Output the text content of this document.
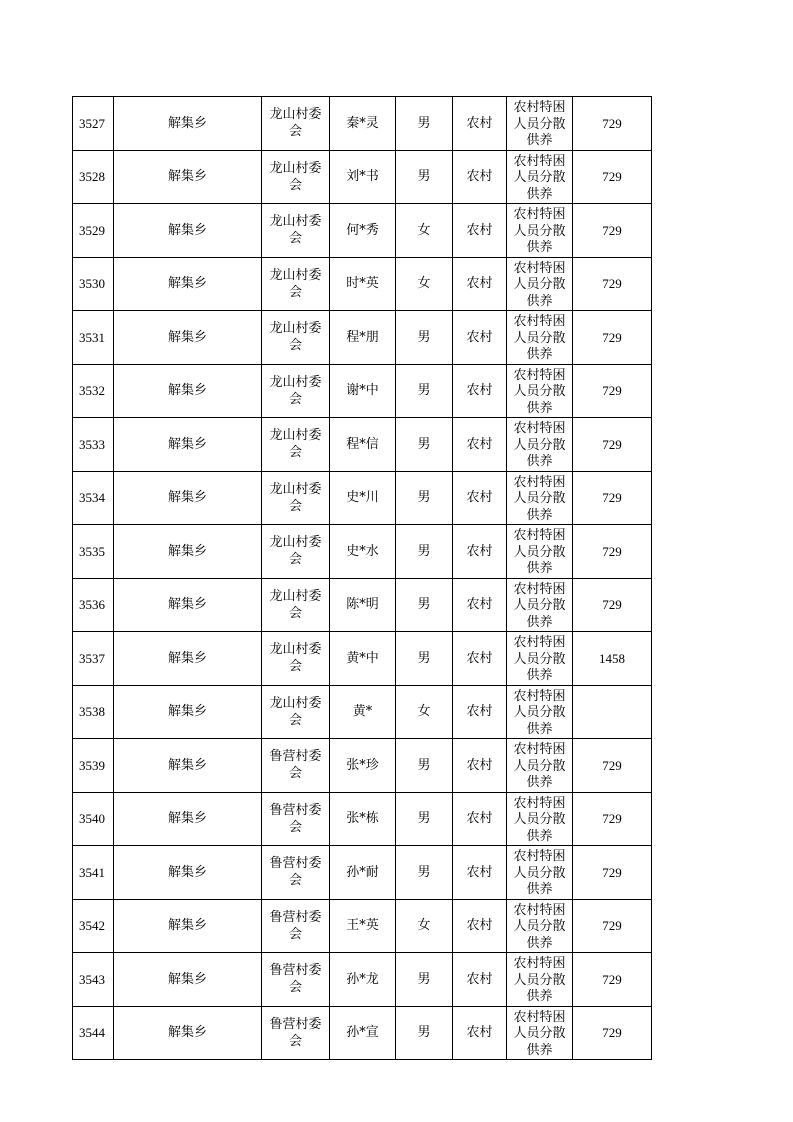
3527	解集乡	龙山村委会	秦*灵	男	农村	农村特困人员分散供养	729
3528	解集乡	龙山村委会	刘*书	男	农村	农村特困人员分散供养	729
3529	解集乡	龙山村委会	何*秀	女	农村	农村特困人员分散供养	729
3530	解集乡	龙山村委会	时*英	女	农村	农村特困人员分散供养	729
3531	解集乡	龙山村委会	程*朋	男	农村	农村特困人员分散供养	729
3532	解集乡	龙山村委会	谢*中	男	农村	农村特困人员分散供养	729
3533	解集乡	龙山村委会	程*信	男	农村	农村特困人员分散供养	729
3534	解集乡	龙山村委会	史*川	男	农村	农村特困人员分散供养	729
3535	解集乡	龙山村委会	史*水	男	农村	农村特困人员分散供养	729
3536	解集乡	龙山村委会	陈*明	男	农村	农村特困人员分散供养	729
3537	解集乡	龙山村委会	黄*中	男	农村	农村特困人员分散供养	1458
3538	解集乡	龙山村委会	黄*	女	农村	农村特困人员分散供养	
3539	解集乡	鲁营村委会	张*珍	男	农村	农村特困人员分散供养	729
3540	解集乡	鲁营村委会	张*栋	男	农村	农村特困人员分散供养	729
3541	解集乡	鲁营村委会	孙*耐	男	农村	农村特困人员分散供养	729
3542	解集乡	鲁营村委会	王*英	女	农村	农村特困人员分散供养	729
3543	解集乡	鲁营村委会	孙*龙	男	农村	农村特困人员分散供养	729
3544	解集乡	鲁营村委会	孙*宣	男	农村	农村特困人员分散供养	729
